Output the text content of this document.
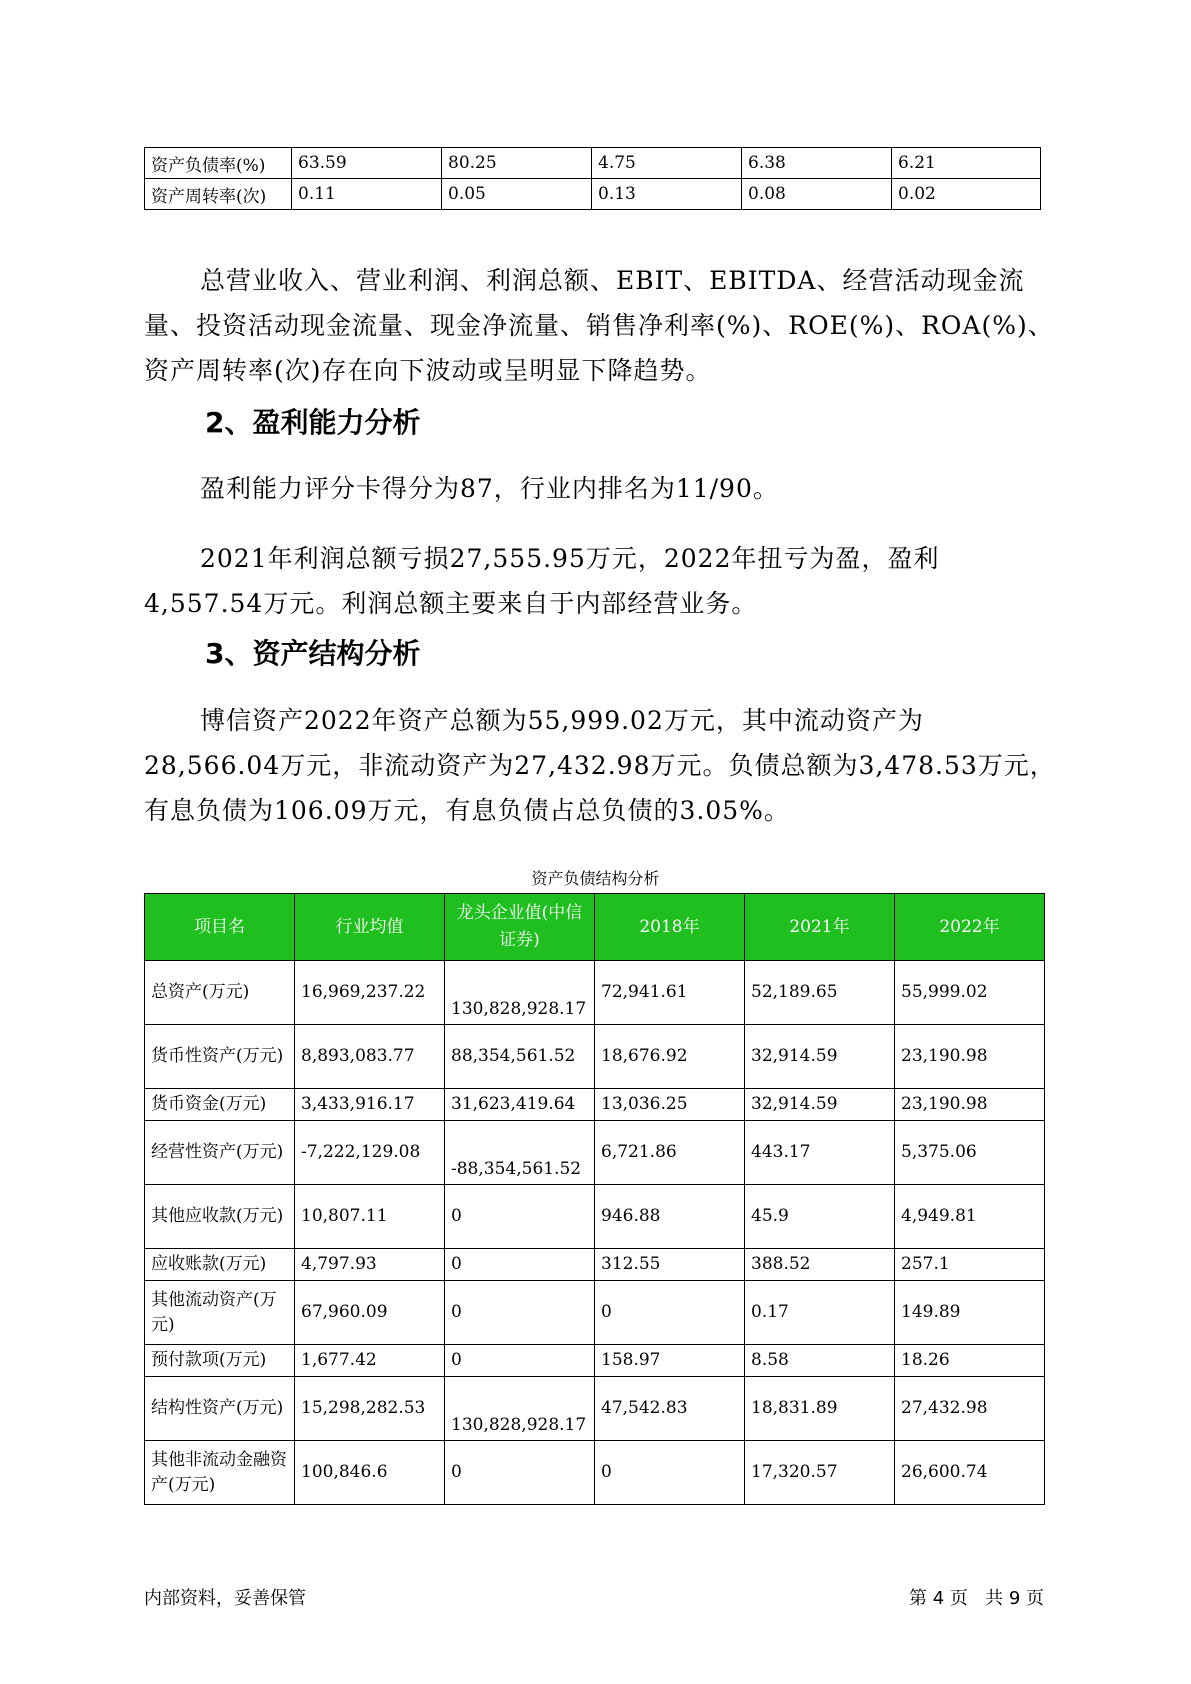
资产负债率(%)	63.59	80.25	4.75	6.38	6.21
资产周转率(次)	0.11	0.05	0.13	0.08	0.02

总营业收入、营业利润、利润总额、EBIT、EBITDA、经营活动现金流量、投资活动现金流量、现金净流量、销售净利率(%)、ROE(%)、ROA(%)、资产周转率(次)存在向下波动或呈明显下降趋势。

2、盈利能力分析

盈利能力评分卡得分为87，行业内排名为11/90。

2021年利润总额亏损27,555.95万元，2022年扭亏为盈，盈利4,557.54万元。利润总额主要来自于内部经营业务。

3、资产结构分析

博信资产2022年资产总额为55,999.02万元，其中流动资产为28,566.04万元，非流动资产为27,432.98万元。负债总额为3,478.53万元，有息负债为106.09万元，有息负债占总负债的3.05%。

资产负债结构分析
项目名	行业均值	龙头企业值(中信证券)	2018年	2021年	2022年
总资产(万元)	16,969,237.22	130,828,928.17	72,941.61	52,189.65	55,999.02
货币性资产(万元)	8,893,083.77	88,354,561.52	18,676.92	32,914.59	23,190.98
货币资金(万元)	3,433,916.17	31,623,419.64	13,036.25	32,914.59	23,190.98
经营性资产(万元)	-7,222,129.08	-88,354,561.52	6,721.86	443.17	5,375.06
其他应收款(万元)	10,807.11	0	946.88	45.9	4,949.81
应收账款(万元)	4,797.93	0	312.55	388.52	257.1
其他流动资产(万元)	67,960.09	0	0	0.17	149.89
预付款项(万元)	1,677.42	0	158.97	8.58	18.26
结构性资产(万元)	15,298,282.53	130,828,928.17	47,542.83	18,831.89	27,432.98
其他非流动金融资产(万元)	100,846.6	0	0	17,320.57	26,600.74
内部资料，妥善保管	第 4 页   共 9 页
